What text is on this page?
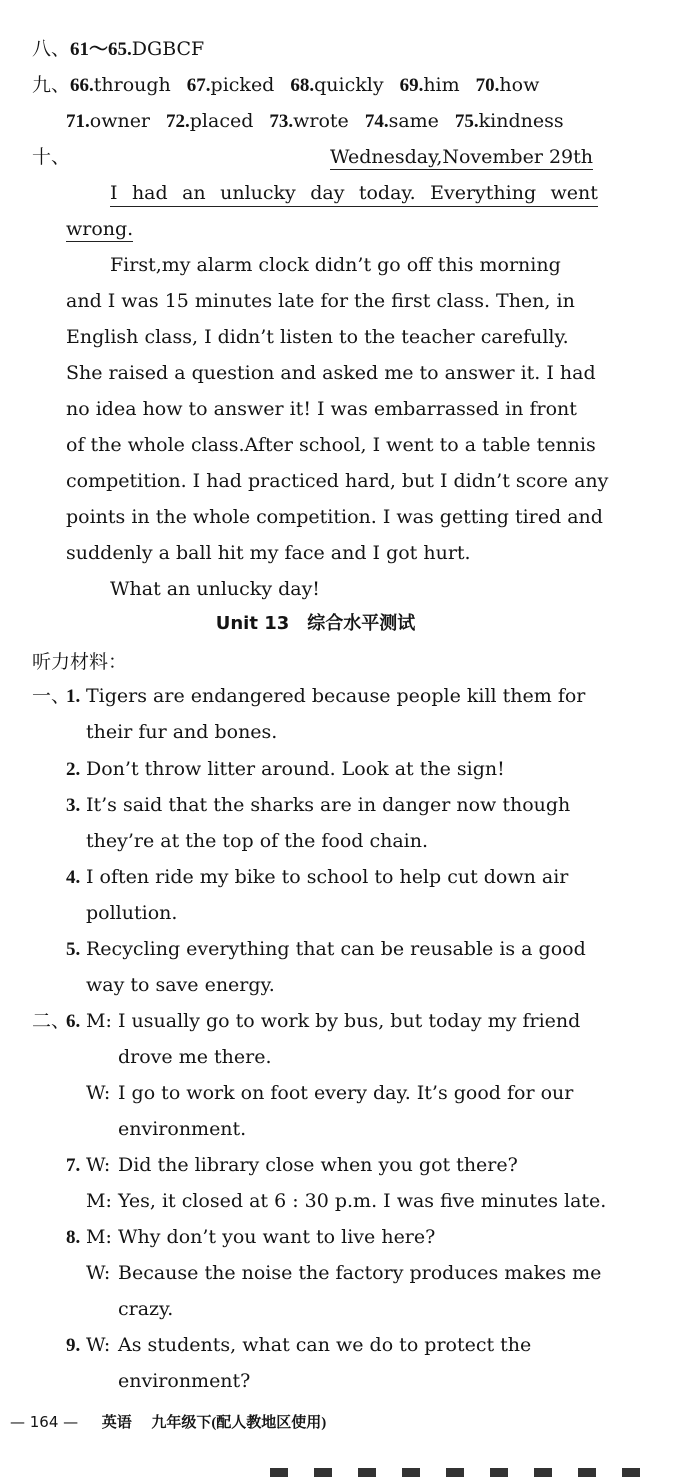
八、61～65.DGBCF
九、66.through 67.picked 68.quickly 69.him 70.how
71.owner 72.placed 73.wrote 74.same 75.kindness
十、	Wednesday,November 29th
I had an unlucky day today. Everything went
wrong.
First,my alarm clock didn’t go off this morning
and I was 15 minutes late for the first class. Then, in
English class, I didn’t listen to the teacher carefully.
She raised a question and asked me to answer it. I had
no idea how to answer it! I was embarrassed in front
of the whole class.After school, I went to a table tennis
competition. I had practiced hard, but I didn’t score any
points in the whole competition. I was getting tired and
suddenly a ball hit my face and I got hurt.
What an unlucky day!
Unit 13　综合水平测试
听力材料：
一、
1. Tigers are endangered because people kill them for
their fur and bones.
2. Don’t throw litter around. Look at the sign!
3. It’s said that the sharks are in danger now though
they’re at the top of the food chain.
4. I often ride my bike to school to help cut down air
pollution.
5. Recycling everything that can be reusable is a good
way to save energy.
二、
6. M: I usually go to work by bus, but today my friend
drove me there.
W: I go to work on foot every day. It’s good for our
environment.
7. W: Did the library close when you got there?
M: Yes, it closed at 6 : 30 p.m. I was five minutes late.
8. M: Why don’t you want to live here?
W: Because the noise the factory produces makes me
crazy.
9. W: As students, what can we do to protect the
environment?
— 164 — 英语 九年级下(配人教地区使用)
